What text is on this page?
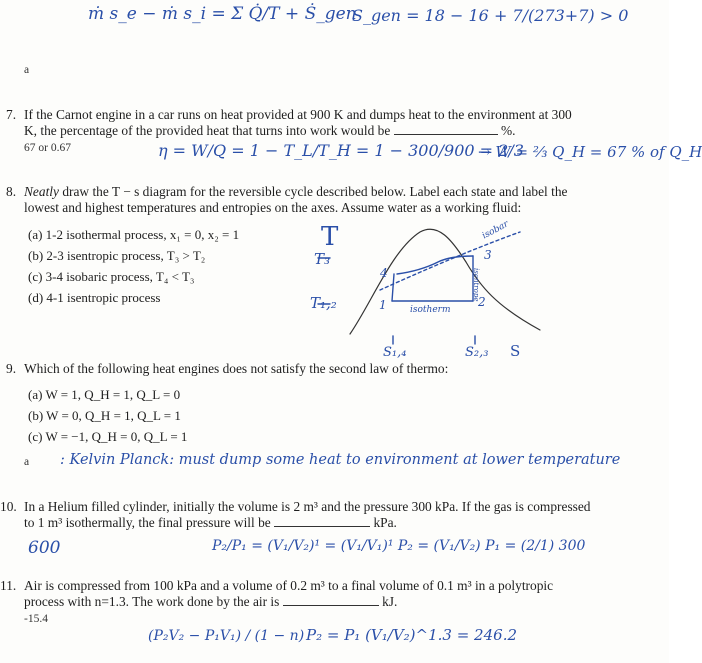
ṁ s_e − ṁ s_i = Σ Q̇/T + Ṡ_gen
S_gen = 18 − 16 + 7/(273+7) > 0
a
7. If the Carnot engine in a car runs on heat provided at 900 K and dumps heat to the environment at 300
K, the percentage of the provided heat that turns into work would be	%.
67 or 0.67	η = W/Q = 1 − T_L/T_H = 1 − 300/900 = 2/3
→ W = ⅔ Q_H = 67 % of Q_H
8. Neatly draw the T − s diagram for the reversible cycle described below. Label each state and label the
lowest and highest temperatures and entropies on the axes. Assume water as a working fluid:
(a) 1-2 isothermal process, x₁ = 0, x₂ = 1
(b) 2-3 isentropic process, T₃ > T₂
(c) 3-4 isobaric process, T₄ < T₃
(d) 4-1 isentropic process
T
T₃
T₁,₂	1	2
3
4
isobar
isotherm
isentrope
S₁,₄	S₂,₃ S
9. Which of the following heat engines does not satisfy the second law of thermo:
(a) W = 1, Q_H = 1, Q_L = 0
(b) W = 0, Q_H = 1, Q_L = 1
(c) W = −1, Q_H = 0, Q_L = 1
a : Kelvin Planck: must dump some heat to environment at lower temperature
10. In a Helium filled cylinder, initially the volume is 2 m³ and the pressure 300 kPa. If the gas is compressed
to 1 m³ isothermally, the final pressure will be	kPa.
600	P₂/P₁ = (V₁/V₂)¹ = (V₁/V₁)¹ P₂ = (V₁/V₂) P₁ = (2/1) 300
11. Air is compressed from 100 kPa and a volume of 0.2 m³ to a final volume of 0.1 m³ in a polytropic
process with n=1.3. The work done by the air is	kJ.
-15.4
(P₂V₂ − P₁V₁) / (1 − n) P₂ = P₁ (V₁/V₂)^1.3 = 246.2
